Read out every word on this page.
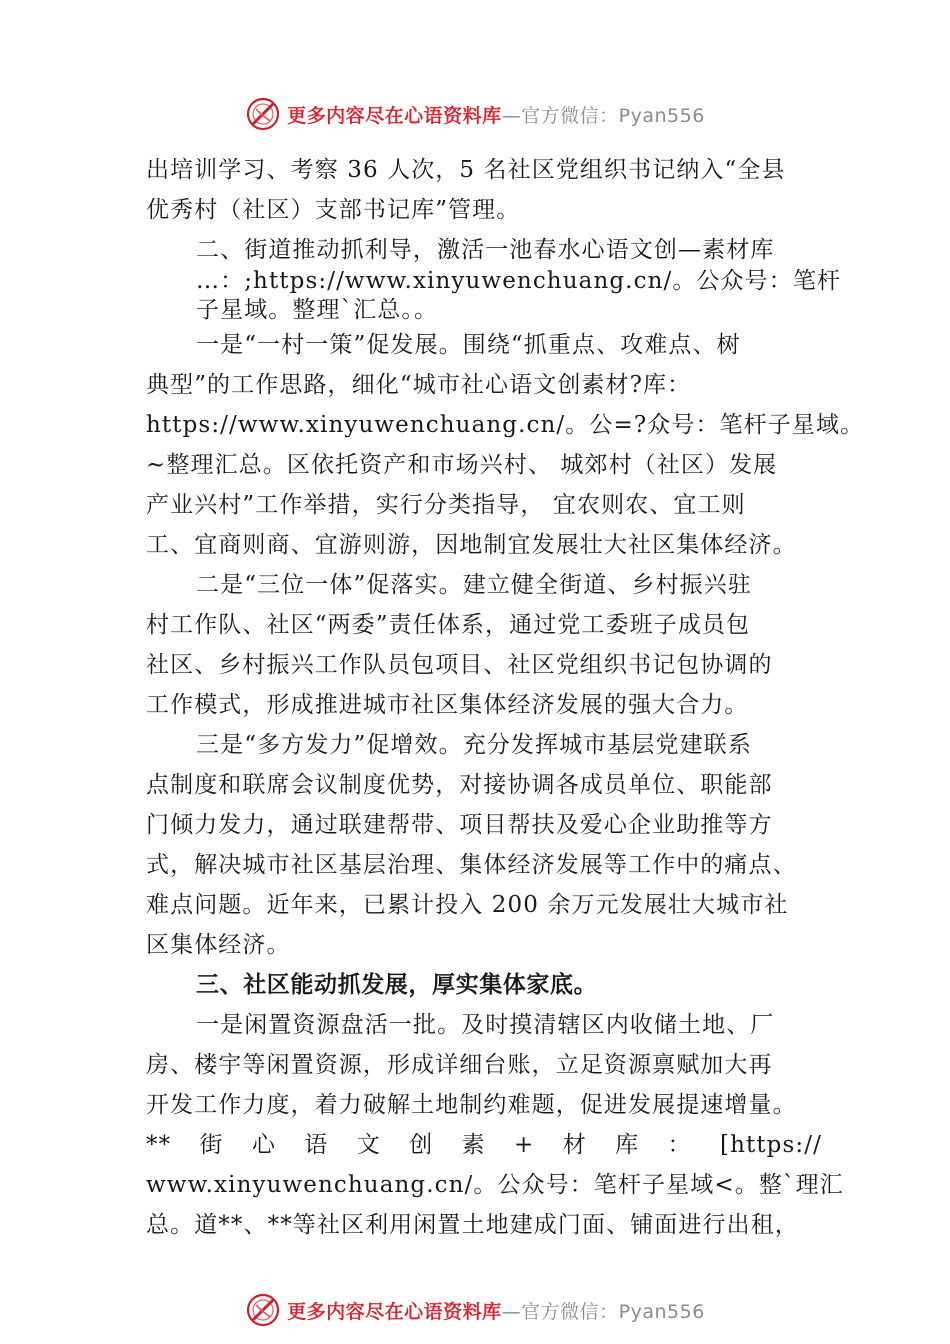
更多内容尽在心语资料库 —官方微信：Pyan556
出培训学习、考察 36 人次，5 名社区党组织书记纳入“全县
优秀村（社区）支部书记库”管理。
二、街道推动抓利导，激活一池春水心语文创—素材库
…：;https://www.xinyuwenchuang.cn/。公众号：笔杆
子星域。整理`汇总。。
一是“一村一策”促发展。围绕“抓重点、攻难点、树
典型”的工作思路，细化“城市社心语文创素材?库：
https://www.xinyuwenchuang.cn/。公=?众号：笔杆子星域。
~整理汇总。区依托资产和市场兴村、 城郊村（社区）发展
产业兴村”工作举措，实行分类指导， 宜农则农、宜工则
工、宜商则商、宜游则游，因地制宜发展壮大社区集体经济。
二是“三位一体”促落实。建立健全街道、乡村振兴驻
村工作队、社区“两委”责任体系，通过党工委班子成员包
社区、乡村振兴工作队员包项目、社区党组织书记包协调的
工作模式，形成推进城市社区集体经济发展的强大合力。
三是“多方发力”促增效。充分发挥城市基层党建联系
点制度和联席会议制度优势，对接协调各成员单位、职能部
门倾力发力，通过联建帮带、项目帮扶及爱心企业助推等方
式，解决城市社区基层治理、集体经济发展等工作中的痛点、
难点问题。近年来，已累计投入 200 余万元发展壮大城市社
区集体经济。
三、社区能动抓发展，厚实集体家底。
一是闲置资源盘活一批。及时摸清辖区内收储土地、厂
房、楼宇等闲置资源，形成详细台账，立足资源禀赋加大再
开发工作力度，着力破解土地制约难题，促进发展提速增量。
** 街 心 语 文 创 素 + 材 库 ： [https://
www.xinyuwenchuang.cn/。公众号：笔杆子星域<。整`理汇
总。道**、**等社区利用闲置土地建成门面、铺面进行出租，
更多内容尽在心语资料库 —官方微信：Pyan556
